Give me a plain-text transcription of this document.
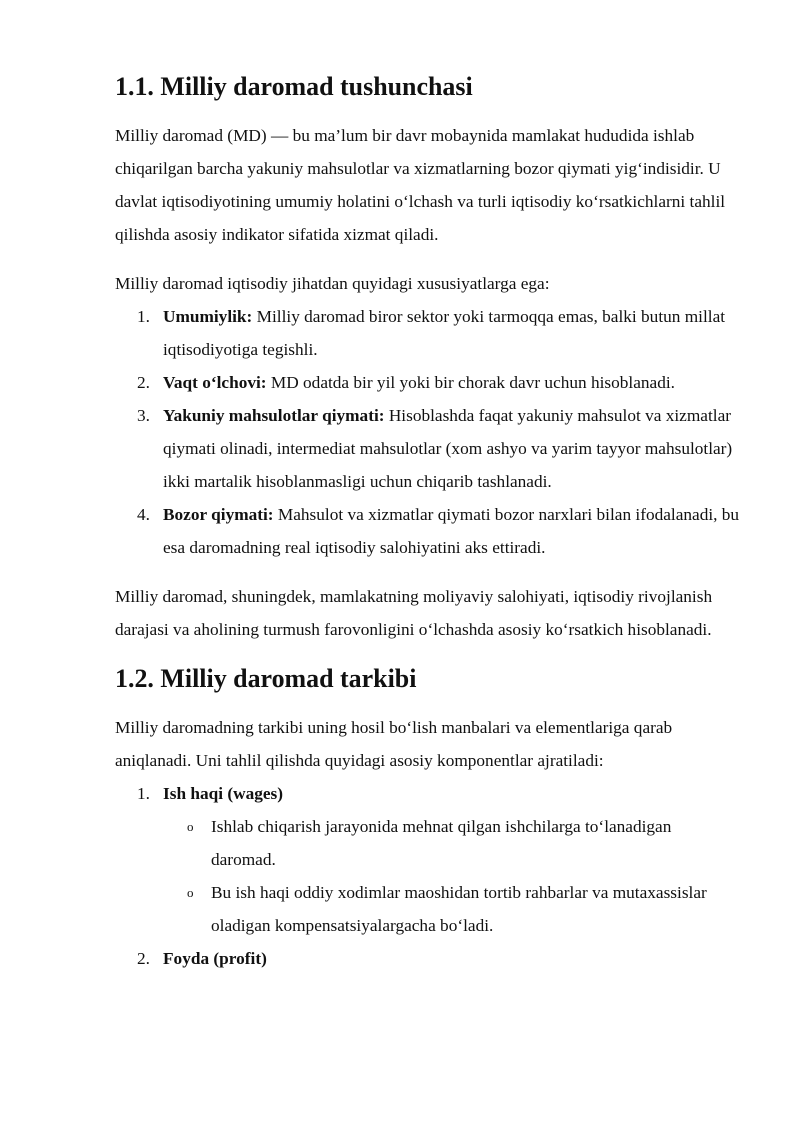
1.1. Milliy daromad tushunchasi

Milliy daromad (MD) — bu ma’lum bir davr mobaynida mamlakat hududida ishlab chiqarilgan barcha yakuniy mahsulotlar va xizmatlarning bozor qiymati yig‘indisidir. U davlat iqtisodiyotining umumiy holatini o‘lchash va turli iqtisodiy ko‘rsatkichlarni tahlil qilishda asosiy indikator sifatida xizmat qiladi.

Milliy daromad iqtisodiy jihatdan quyidagi xususiyatlarga ega:

1. Umumiylik: Milliy daromad biror sektor yoki tarmoqqa emas, balki butun millat iqtisodiyotiga tegishli.
2. Vaqt o‘lchovi: MD odatda bir yil yoki bir chorak davr uchun hisoblanadi.
3. Yakuniy mahsulotlar qiymati: Hisoblashda faqat yakuniy mahsulot va xizmatlar qiymati olinadi, intermediat mahsulotlar (xom ashyo va yarim tayyor mahsulotlar) ikki martalik hisoblanmasligi uchun chiqarib tashlanadi.
4. Bozor qiymati: Mahsulot va xizmatlar qiymati bozor narxlari bilan ifodalanadi, bu esa daromadning real iqtisodiy salohiyatini aks ettiradi.

Milliy daromad, shuningdek, mamlakatning moliyaviy salohiyati, iqtisodiy rivojlanish darajasi va aholining turmush farovonligini o‘lchashda asosiy ko‘rsatkich hisoblanadi.

1.2. Milliy daromad tarkibi

Milliy daromadning tarkibi uning hosil bo‘lish manbalari va elementlariga qarab aniqlanadi. Uni tahlil qilishda quyidagi asosiy komponentlar ajratiladi:

1. Ish haqi (wages)
o Ishlab chiqarish jarayonida mehnat qilgan ishchilarga to‘lanadigan daromad.
o Bu ish haqi oddiy xodimlar maoshidan tortib rahbarlar va mutaxassislar oladigan kompensatsiyalargacha bo‘ladi.
2. Foyda (profit)
